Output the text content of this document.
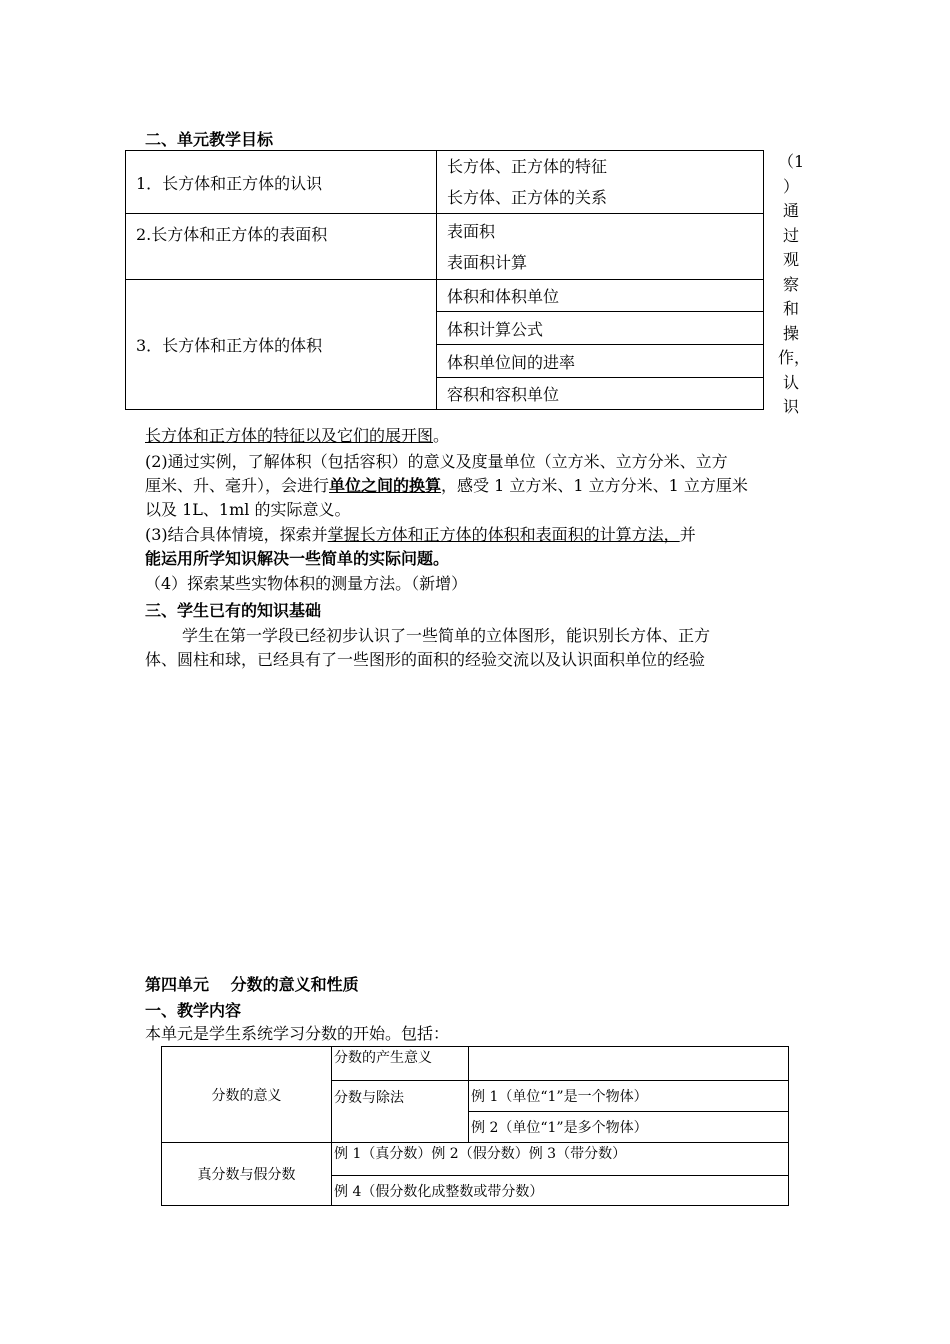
二、单元教学目标
1．长方体和正方体的认识	长方体、正方体的特征
长方体、正方体的关系

2.长方体和正方体的表面积	表面积
表面积计算

3．长方体和正方体的体积	体积和体积单位
	体积计算公式
	体积单位间的进率
	容积和容积单位
（1
）
通
过
观
察
和
操
作，
认
识
长方体和正方体的特征以及它们的展开图。
(2)通过实例，了解体积（包括容积）的意义及度量单位（立方米、立方分米、立方
厘米、升、毫升），会进行单位之间的换算，感受 1 立方米、1 立方分米、1 立方厘米
以及 1L、1ml 的实际意义。
(3)结合具体情境，探索并掌握长方体和正方体的体积和表面积的计算方法，并
能运用所学知识解决一些简单的实际问题。
（4）探索某些实物体积的测量方法。（新增）
三、学生已有的知识基础
学生在第一学段已经初步认识了一些简单的立体图形，能识别长方体、正方
体、圆柱和球，已经具有了一些图形的面积的经验交流以及认识面积单位的经验
第四单元　 分数的意义和性质
一、教学内容
本单元是学生系统学习分数的开始。包括：
分数的意义	分数的产生意义	
	分数与除法	例 1（单位“1”是一个物体）
		例 2（单位“1”是多个物体）
真分数与假分数	例 1（真分数）例 2（假分数）例 3（带分数）	
	例 4（假分数化成整数或带分数）	
